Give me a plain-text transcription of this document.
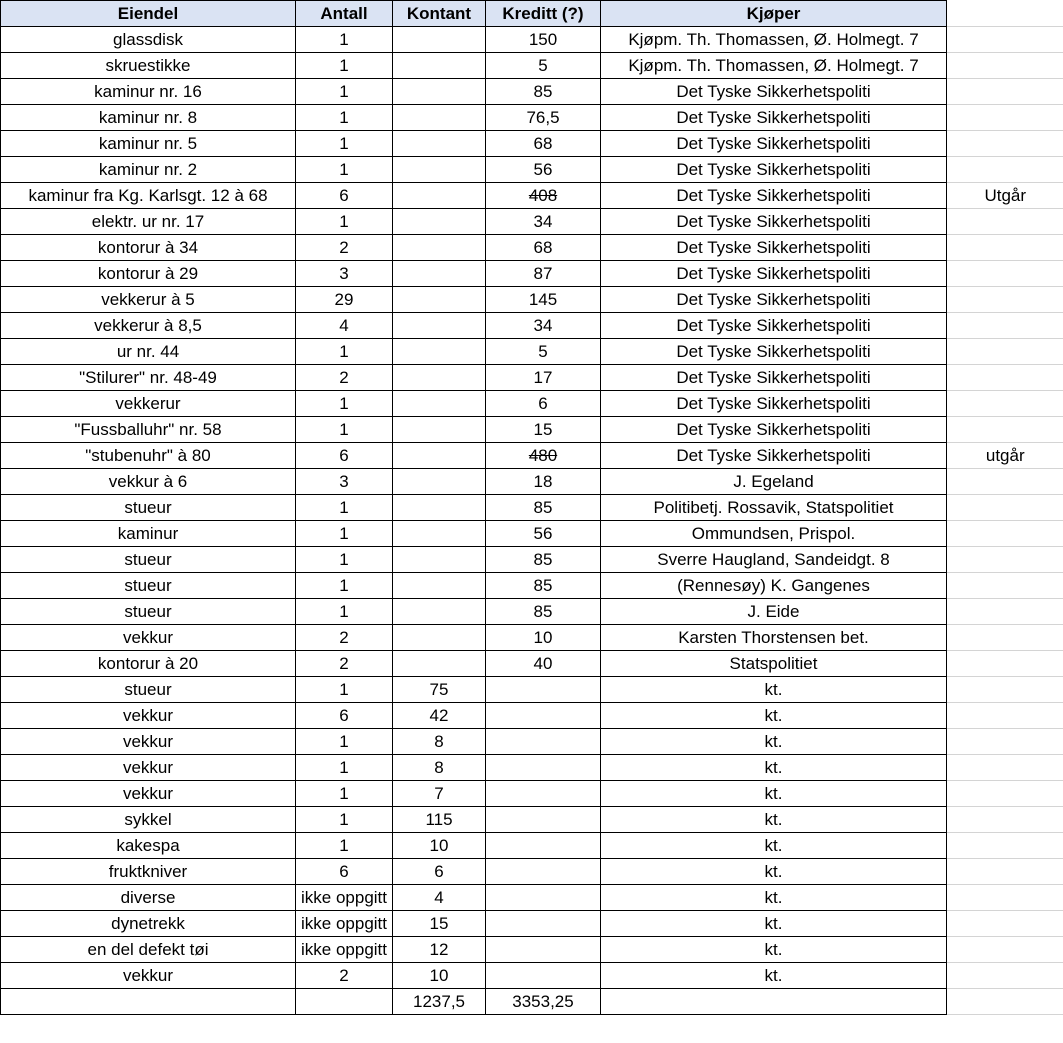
Eiendel	Antall	Kontant	Kreditt (?)	Kjøper	
glassdisk	1		150	Kjøpm. Th. Thomassen, Ø. Holmegt. 7	
skruestikke	1		5	Kjøpm. Th. Thomassen, Ø. Holmegt. 7	
kaminur nr. 16	1		85	Det Tyske Sikkerhetspoliti	
kaminur nr. 8	1		76,5	Det Tyske Sikkerhetspoliti	
kaminur nr. 5	1		68	Det Tyske Sikkerhetspoliti	
kaminur nr. 2	1		56	Det Tyske Sikkerhetspoliti	
kaminur fra Kg. Karlsgt. 12 à 68	6		408	Det Tyske Sikkerhetspoliti	Utgår
elektr. ur nr. 17	1		34	Det Tyske Sikkerhetspoliti	
kontorur à 34	2		68	Det Tyske Sikkerhetspoliti	
kontorur à 29	3		87	Det Tyske Sikkerhetspoliti	
vekkerur à 5	29		145	Det Tyske Sikkerhetspoliti	
vekkerur à 8,5	4		34	Det Tyske Sikkerhetspoliti	
ur nr. 44	1		5	Det Tyske Sikkerhetspoliti	
"Stilurer" nr. 48-49	2		17	Det Tyske Sikkerhetspoliti	
vekkerur	1		6	Det Tyske Sikkerhetspoliti	
"Fussballuhr" nr. 58	1		15	Det Tyske Sikkerhetspoliti	
"stubenuhr" à 80	6		480	Det Tyske Sikkerhetspoliti	utgår
vekkur à 6	3		18	J. Egeland	
stueur	1		85	Politibetj. Rossavik, Statspolitiet	
kaminur	1		56	Ommundsen, Prispol.	
stueur	1		85	Sverre Haugland, Sandeidgt. 8	
stueur	1		85	(Rennesøy) K. Gangenes	
stueur	1		85	J. Eide	
vekkur	2		10	Karsten Thorstensen bet.	
kontorur à 20	2		40	Statspolitiet	
stueur	1	75		kt.	
vekkur	6	42		kt.	
vekkur	1	8		kt.	
vekkur	1	8		kt.	
vekkur	1	7		kt.	
sykkel	1	115		kt.	
kakespa	1	10		kt.	
fruktkniver	6	6		kt.	
diverse	ikke oppgitt	4		kt.	
dynetrekk	ikke oppgitt	15		kt.	
en del defekt tøi	ikke oppgitt	12		kt.	
vekkur	2	10		kt.	
		1237,5	3353,25		
